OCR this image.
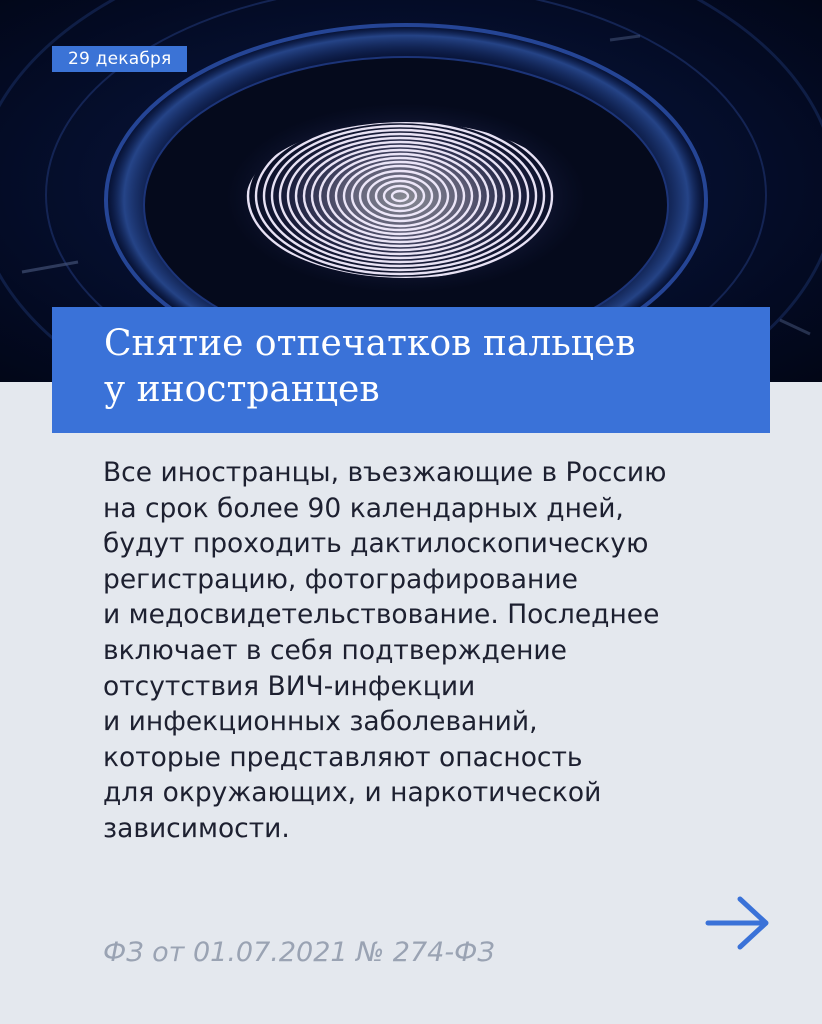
29 декабря
Снятие отпечатков пальцев
у иностранцев

Все иностранцы, въезжающие в Россию
на срок более 90 календарных дней,
будут проходить дактилоскопическую
регистрацию, фотографирование
и медосвидетельствование. Последнее
включает в себя подтверждение
отсутствия ВИЧ-инфекции
и инфекционных заболеваний,
которые представляют опасность
для окружающих, и наркотической
зависимости.

ФЗ от 01.07.2021 № 274-ФЗ
